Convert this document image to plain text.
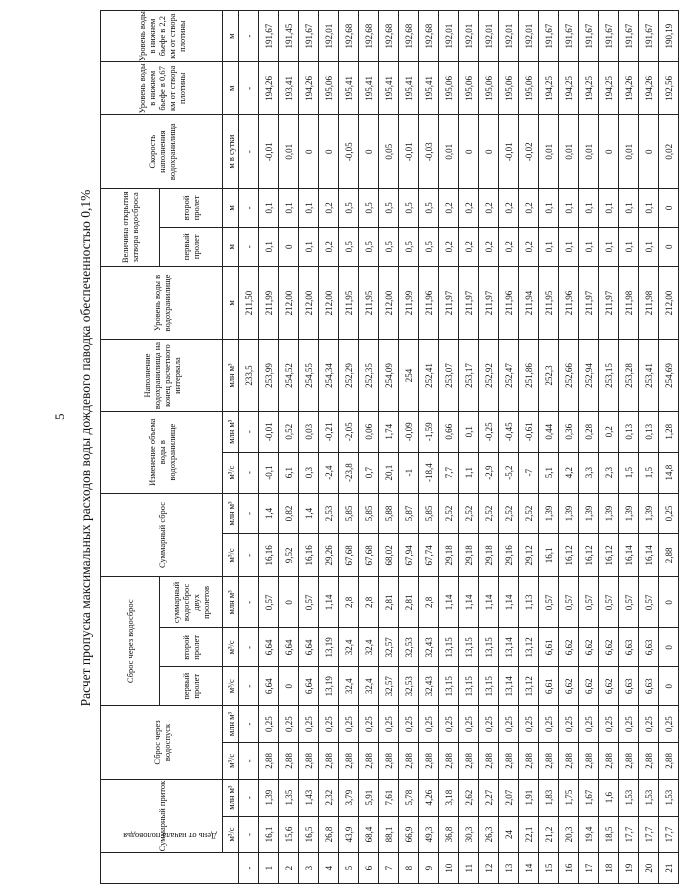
5 Расчет пропуска максимальных расходов воды дождевого паводка обеспеченностью 0,1%
День от начала половодья	Суммарный приток		Сброс через водоспуск		Сброс через водосброс			Суммарный сброс		Изменение объема воды в водохранилище		Наполнение водохранилища на конец расчетного интервала	Уровень воды в водохранилище	Величина открытия затвора водосброса		Скорость наполнения водохранилища	Уровень воды в нижнем бьефе в 0,67 км от створа плотины	Уровень воды в нижнем бьефе в 2,2 км от створа плотины
					первый пролет	второй пролет	суммарный водосброс двух пролетов							первый пролет	второй пролет			
	м³/с	млн м³	м³/с	млн м³	м³/с	м³/с	млн м³	м³/с	млн м³	м³/с	млн м³	млн м³	м	м	м	м в сутки	м	м
-	-	-	-	-	-	-	-	-	-	-	-	233,5	211,50	-	-	-	-	-
1	16,1	1,39	2,88	0,25	6,64	6,64	0,57	16,16	1,4	-0,1	-0,01	253,99	211,99	0,1	0,1	-0,01	194,26	191,67
2	15,6	1,35	2,88	0,25	0	6,64	0	9,52	0,82	6,1	0,52	254,52	212,00	0	0,1	0,01	193,41	191,45
3	16,5	1,43	2,88	0,25	6,64	6,64	0,57	16,16	1,4	0,3	0,03	254,55	212,00	0,1	0,1	0	194,26	191,67
4	26,8	2,32	2,88	0,25	13,19	13,19	1,14	29,26	2,53	-2,4	-0,21	254,34	212,00	0,2	0,2	0	195,06	192,01
5	43,9	3,79	2,88	0,25	32,4	32,4	2,8	67,68	5,85	-23,8	-2,05	252,29	211,95	0,5	0,5	-0,05	195,41	192,68
6	68,4	5,91	2,88	0,25	32,4	32,4	2,8	67,68	5,85	0,7	0,06	252,35	211,95	0,5	0,5	0	195,41	192,68
7	88,1	7,61	2,88	0,25	32,57	32,57	2,81	68,02	5,88	20,1	1,74	254,09	212,00	0,5	0,5	0,05	195,41	192,68
8	66,9	5,78	2,88	0,25	32,53	32,53	2,81	67,94	5,87	-1	-0,09	254	211,99	0,5	0,5	-0,01	195,41	192,68
9	49,3	4,26	2,88	0,25	32,43	32,43	2,8	67,74	5,85	-18,4	-1,59	252,41	211,96	0,5	0,5	-0,03	195,41	192,68
10	36,8	3,18	2,88	0,25	13,15	13,15	1,14	29,18	2,52	7,7	0,66	253,07	211,97	0,2	0,2	0,01	195,06	192,01
11	30,3	2,62	2,88	0,25	13,15	13,15	1,14	29,18	2,52	1,1	0,1	253,17	211,97	0,2	0,2	0	195,06	192,01
12	26,3	2,27	2,88	0,25	13,15	13,15	1,14	29,18	2,52	-2,9	-0,25	252,92	211,97	0,2	0,2	0	195,06	192,01
13	24	2,07	2,88	0,25	13,14	13,14	1,14	29,16	2,52	-5,2	-0,45	252,47	211,96	0,2	0,2	-0,01	195,06	192,01
14	22,1	1,91	2,88	0,25	13,12	13,12	1,13	29,12	2,52	-7	-0,61	251,86	211,94	0,2	0,2	-0,02	195,06	192,01
15	21,2	1,83	2,88	0,25	6,61	6,61	0,57	16,1	1,39	5,1	0,44	252,3	211,95	0,1	0,1	0,01	194,25	191,67
16	20,3	1,75	2,88	0,25	6,62	6,62	0,57	16,12	1,39	4,2	0,36	252,66	211,96	0,1	0,1	0,01	194,25	191,67
17	19,4	1,67	2,88	0,25	6,62	6,62	0,57	16,12	1,39	3,3	0,28	252,94	211,97	0,1	0,1	0,01	194,25	191,67
18	18,5	1,6	2,88	0,25	6,62	6,62	0,57	16,12	1,39	2,3	0,2	253,15	211,97	0,1	0,1	0	194,25	191,67
19	17,7	1,53	2,88	0,25	6,63	6,63	0,57	16,14	1,39	1,5	0,13	253,28	211,98	0,1	0,1	0,01	194,26	191,67
20	17,7	1,53	2,88	0,25	6,63	6,63	0,57	16,14	1,39	1,5	0,13	253,41	211,98	0,1	0,1	0	194,26	191,67
21	17,7	1,53	2,88	0,25	0	0	0	2,88	0,25	14,8	1,28	254,69	212,00	0	0	0,02	192,56	190,19
